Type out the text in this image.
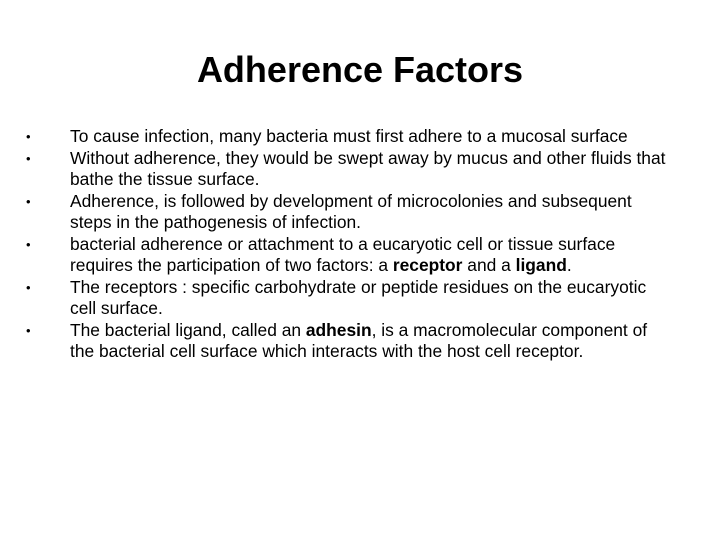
Adherence Factors
•	To cause infection, many bacteria must first adhere to a mucosal surface
•	Without adherence, they would be swept away by mucus and other fluids that bathe the tissue surface.
•	Adherence, is followed by development of microcolonies and subsequent steps in the pathogenesis of infection.
•	bacterial adherence or attachment to a eucaryotic cell or tissue surface requires the participation of two factors: a receptor and a ligand.
•	The receptors : specific carbohydrate or peptide residues on the eucaryotic cell surface.
•	The bacterial ligand, called an adhesin, is a macromolecular component of the bacterial cell surface which interacts with the host cell receptor.
